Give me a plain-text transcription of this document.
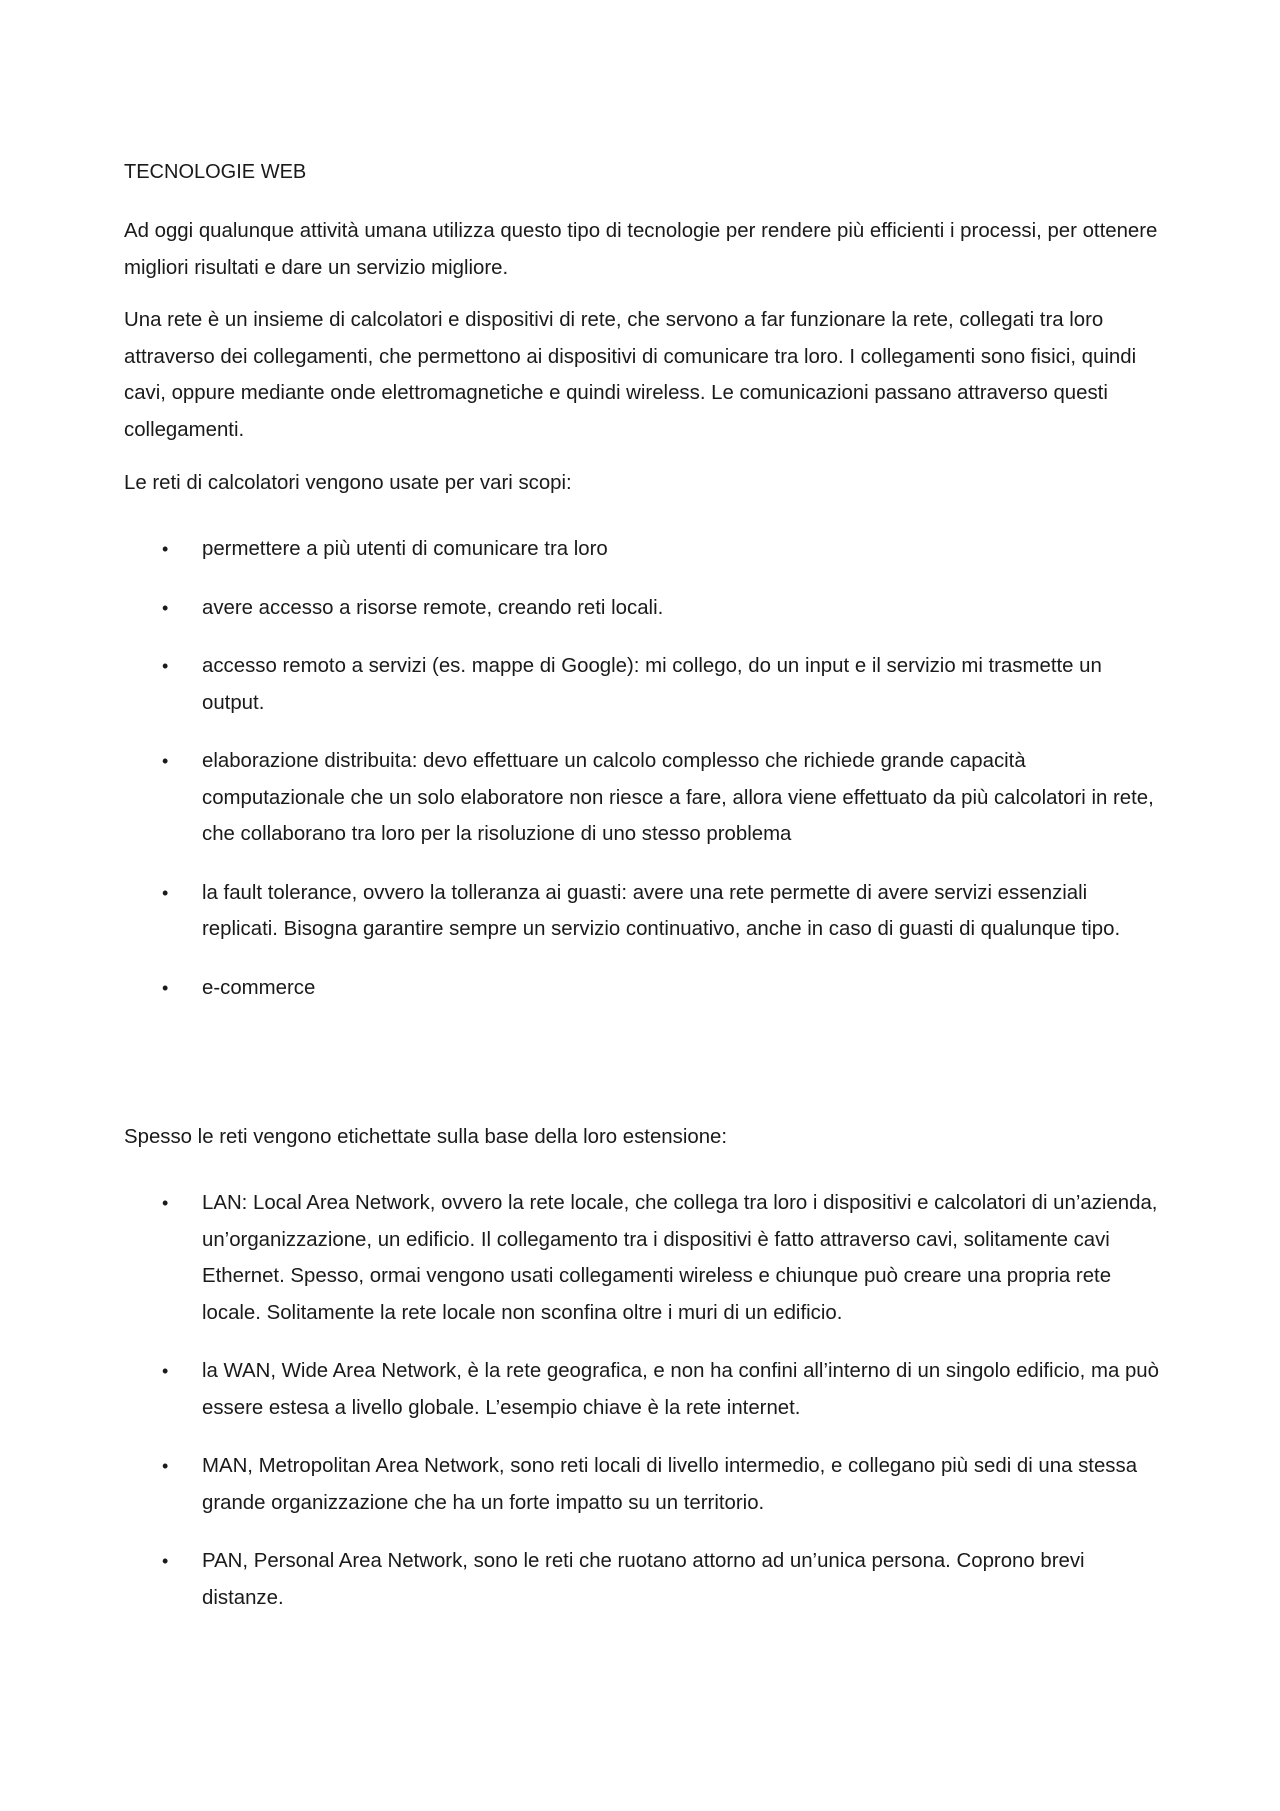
TECNOLOGIE WEB

Ad oggi qualunque attività umana utilizza questo tipo di tecnologie per rendere più efficienti i processi, per ottenere migliori risultati e dare un servizio migliore.

Una rete è un insieme di calcolatori e dispositivi di rete, che servono a far funzionare la rete, collegati tra loro attraverso dei collegamenti, che permettono ai dispositivi di comunicare tra loro. I collegamenti sono fisici, quindi cavi, oppure mediante onde elettromagnetiche e quindi wireless. Le comunicazioni passano attraverso questi collegamenti.

Le reti di calcolatori vengono usate per vari scopi:

• permettere a più utenti di comunicare tra loro
• avere accesso a risorse remote, creando reti locali.
• accesso remoto a servizi (es. mappe di Google): mi collego, do un input e il servizio mi trasmette un output.
• elaborazione distribuita: devo effettuare un calcolo complesso che richiede grande capacità computazionale che un solo elaboratore non riesce a fare, allora viene effettuato da più calcolatori in rete, che collaborano tra loro per la risoluzione di uno stesso problema
• la fault tolerance, ovvero la tolleranza ai guasti: avere una rete permette di avere servizi essenziali replicati. Bisogna garantire sempre un servizio continuativo, anche in caso di guasti di qualunque tipo.
• e-commerce

Spesso le reti vengono etichettate sulla base della loro estensione:

• LAN: Local Area Network, ovvero la rete locale, che collega tra loro i dispositivi e calcolatori di un’azienda, un’organizzazione, un edificio. Il collegamento tra i dispositivi è fatto attraverso cavi, solitamente cavi Ethernet. Spesso, ormai vengono usati collegamenti wireless e chiunque può creare una propria rete locale. Solitamente la rete locale non sconfina oltre i muri di un edificio.
• la WAN, Wide Area Network, è la rete geografica, e non ha confini all’interno di un singolo edificio, ma può essere estesa a livello globale. L’esempio chiave è la rete internet.
• MAN, Metropolitan Area Network, sono reti locali di livello intermedio, e collegano più sedi di una stessa grande organizzazione che ha un forte impatto su un territorio.
• PAN, Personal Area Network, sono le reti che ruotano attorno ad un’unica persona. Coprono brevi distanze.
